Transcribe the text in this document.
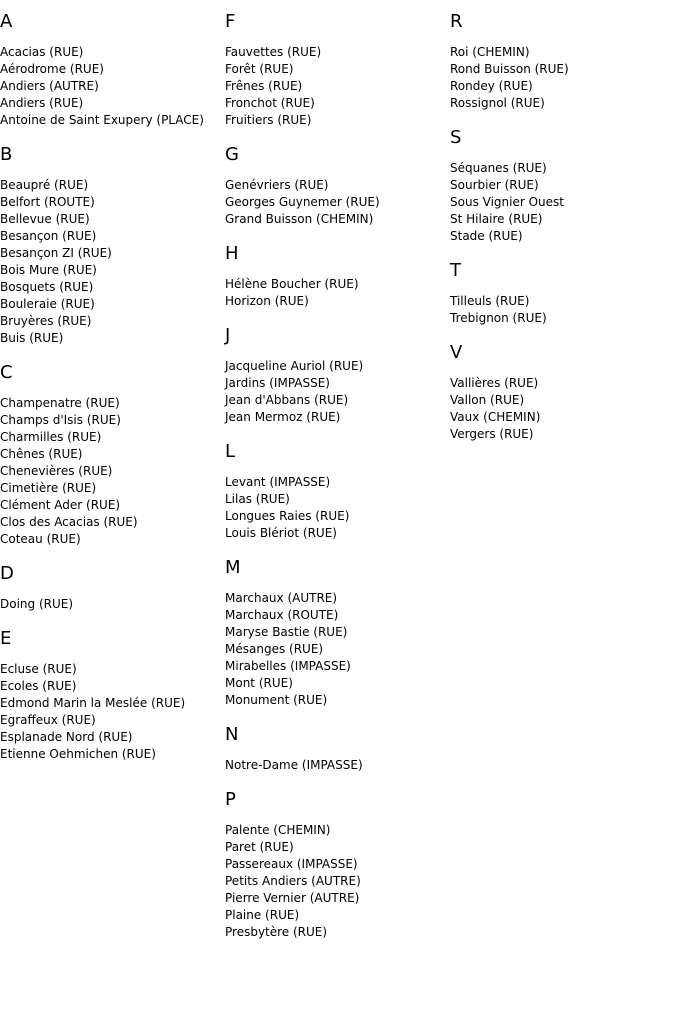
A
Acacias (RUE)
Aérodrome (RUE)
Andiers (AUTRE)
Andiers (RUE)
Antoine de Saint Exupery (PLACE)
B
Beaupré (RUE)
Belfort (ROUTE)
Bellevue (RUE)
Besançon (RUE)
Besançon ZI (RUE)
Bois Mure (RUE)
Bosquets (RUE)
Bouleraie (RUE)
Bruyères (RUE)
Buis (RUE)
C
Champenatre (RUE)
Champs d'Isis (RUE)
Charmilles (RUE)
Chênes (RUE)
Chenevières (RUE)
Cimetière (RUE)
Clément Ader (RUE)
Clos des Acacias (RUE)
Coteau (RUE)
D
Doing (RUE)
E
Ecluse (RUE)
Ecoles (RUE)
Edmond Marin la Meslée (RUE)
Egraffeux (RUE)
Esplanade Nord (RUE)
Etienne Oehmichen (RUE)
F
Fauvettes (RUE)
Forêt (RUE)
Frênes (RUE)
Fronchot (RUE)
Fruitiers (RUE)
G
Genévriers (RUE)
Georges Guynemer (RUE)
Grand Buisson (CHEMIN)
H
Hélène Boucher (RUE)
Horizon (RUE)
J
Jacqueline Auriol (RUE)
Jardins (IMPASSE)
Jean d'Abbans (RUE)
Jean Mermoz (RUE)
L
Levant (IMPASSE)
Lilas (RUE)
Longues Raies (RUE)
Louis Blériot (RUE)
M
Marchaux (AUTRE)
Marchaux (ROUTE)
Maryse Bastie (RUE)
Mésanges (RUE)
Mirabelles (IMPASSE)
Mont (RUE)
Monument (RUE)
N
Notre-Dame (IMPASSE)
P
Palente (CHEMIN)
Paret (RUE)
Passereaux (IMPASSE)
Petits Andiers (AUTRE)
Pierre Vernier (AUTRE)
Plaine (RUE)
Presbytère (RUE)
R
Roi (CHEMIN)
Rond Buisson (RUE)
Rondey (RUE)
Rossignol (RUE)
S
Séquanes (RUE)
Sourbier (RUE)
Sous Vignier Ouest
St Hilaire (RUE)
Stade (RUE)
T
Tilleuls (RUE)
Trebignon (RUE)
V
Vallières (RUE)
Vallon (RUE)
Vaux (CHEMIN)
Vergers (RUE)
